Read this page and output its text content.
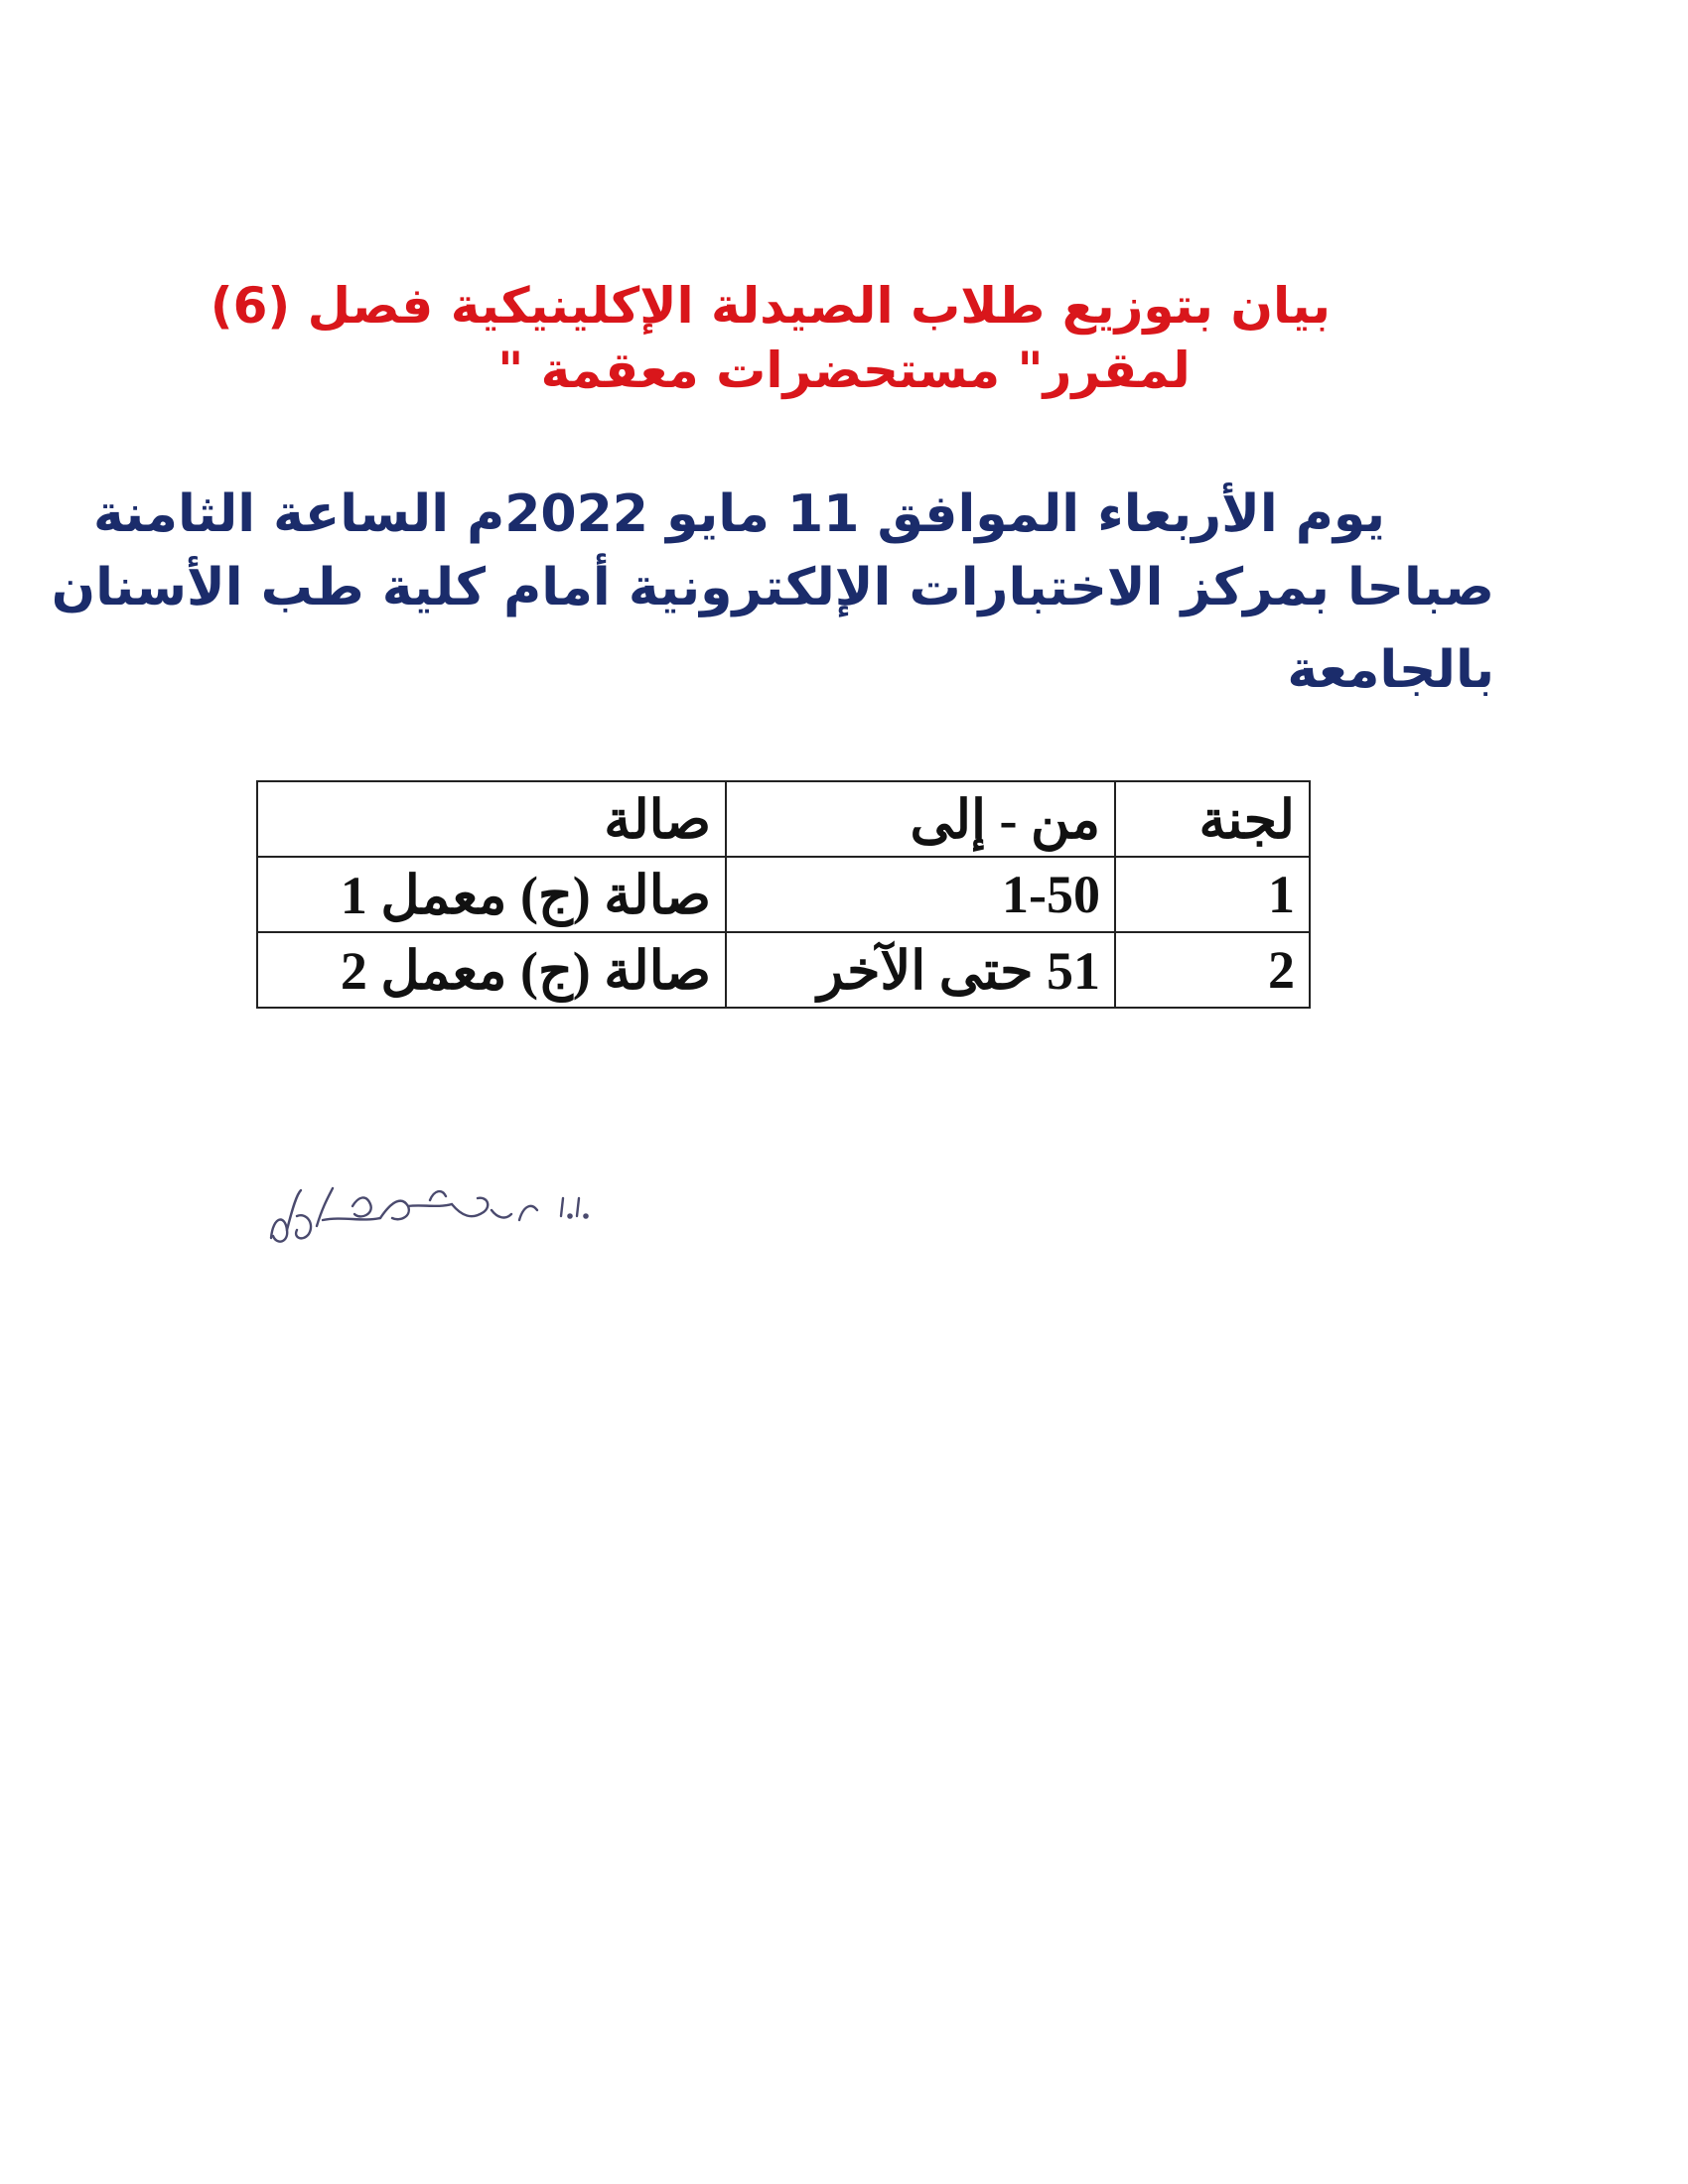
بيان بتوزيع طلاب الصيدلة الإكلينيكية فصل (6)
لمقرر" مستحضرات معقمة "
يوم الأربعاء الموافق 11 مايو 2022م الساعة الثامنة
صباحا بمركز الاختبارات الإلكترونية أمام كلية طب الأسنان
بالجامعة
لجنة	من - إلى	صالة
1	1-50	صالة (ج) معمل 1
2	51 حتى الآخر	صالة (ج) معمل 2
